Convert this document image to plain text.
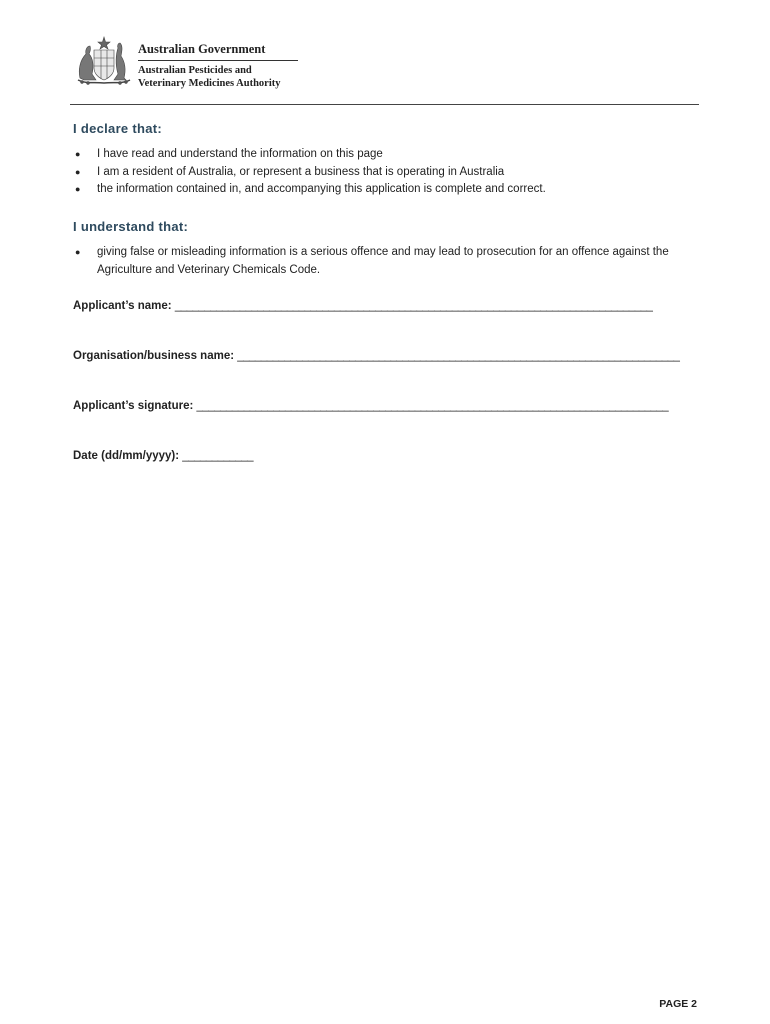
Australian Government
Australian Pesticides and
Veterinary Medicines Authority
I declare that:
● I have read and understand the information on this page
● I am a resident of Australia, or represent a business that is operating in Australia
● the information contained in, and accompanying this application is complete and correct.
I understand that:
● giving false or misleading information is a serious offence and may lead to prosecution for an offence against the Agriculture and Veterinary Chemicals Code.
Applicant’s name: _________________________________________________________________________________
Organisation/business name: ___________________________________________________________________________
Applicant’s signature: ________________________________________________________________________________
Date (dd/mm/yyyy): ____________
PAGE 2
